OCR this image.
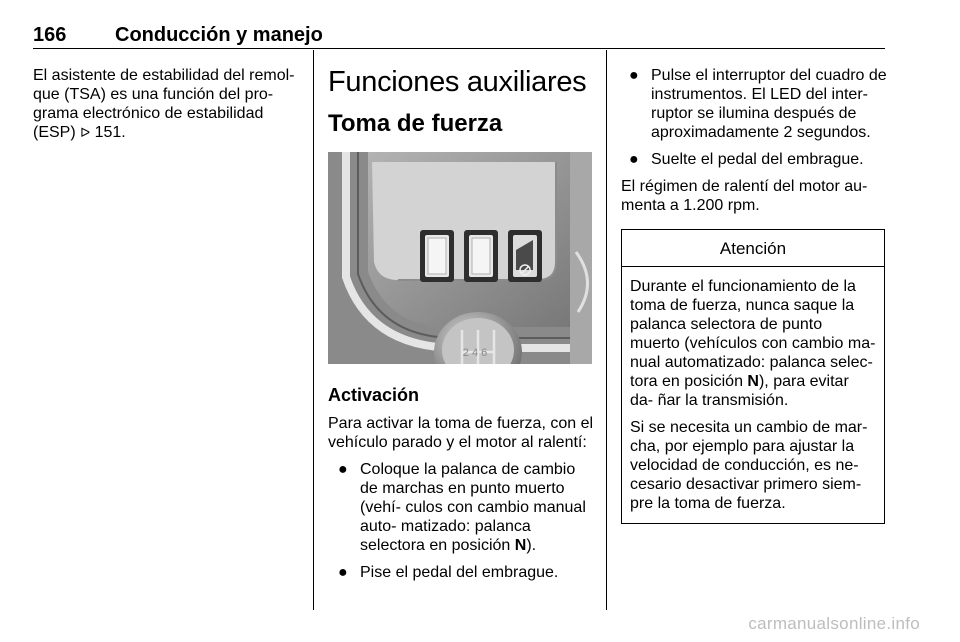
166 Conducción y manejo
El asistente de estabilidad del remol-
que (TSA) es una función del pro-
grama electrónico de estabilidad
(ESP) ᐅ 151.
Funciones auxiliares
Toma de fuerza
2 4 6
Activación

Para activar la toma de fuerza, con el vehículo parado y el motor al ralentí:

● Coloque la palanca de cambio de marchas en punto muerto (vehí- culos con cambio manual auto- matizado: palanca selectora en posición N).
● Pise el pedal del embrague.
● Pulse el interruptor del cuadro de instrumentos. El LED del inter- ruptor se ilumina después de aproximadamente 2 segundos.
● Suelte el pedal del embrague.

El régimen de ralentí del motor au- menta a 1.200 rpm.

Atención

Durante el funcionamiento de la toma de fuerza, nunca saque la palanca selectora de punto muerto (vehículos con cambio ma- nual automatizado: palanca selec- tora en posición N), para evitar da- ñar la transmisión.

Si se necesita un cambio de mar- cha, por ejemplo para ajustar la velocidad de conducción, es ne- cesario desactivar primero siem- pre la toma de fuerza.

carmanualsonline.info
